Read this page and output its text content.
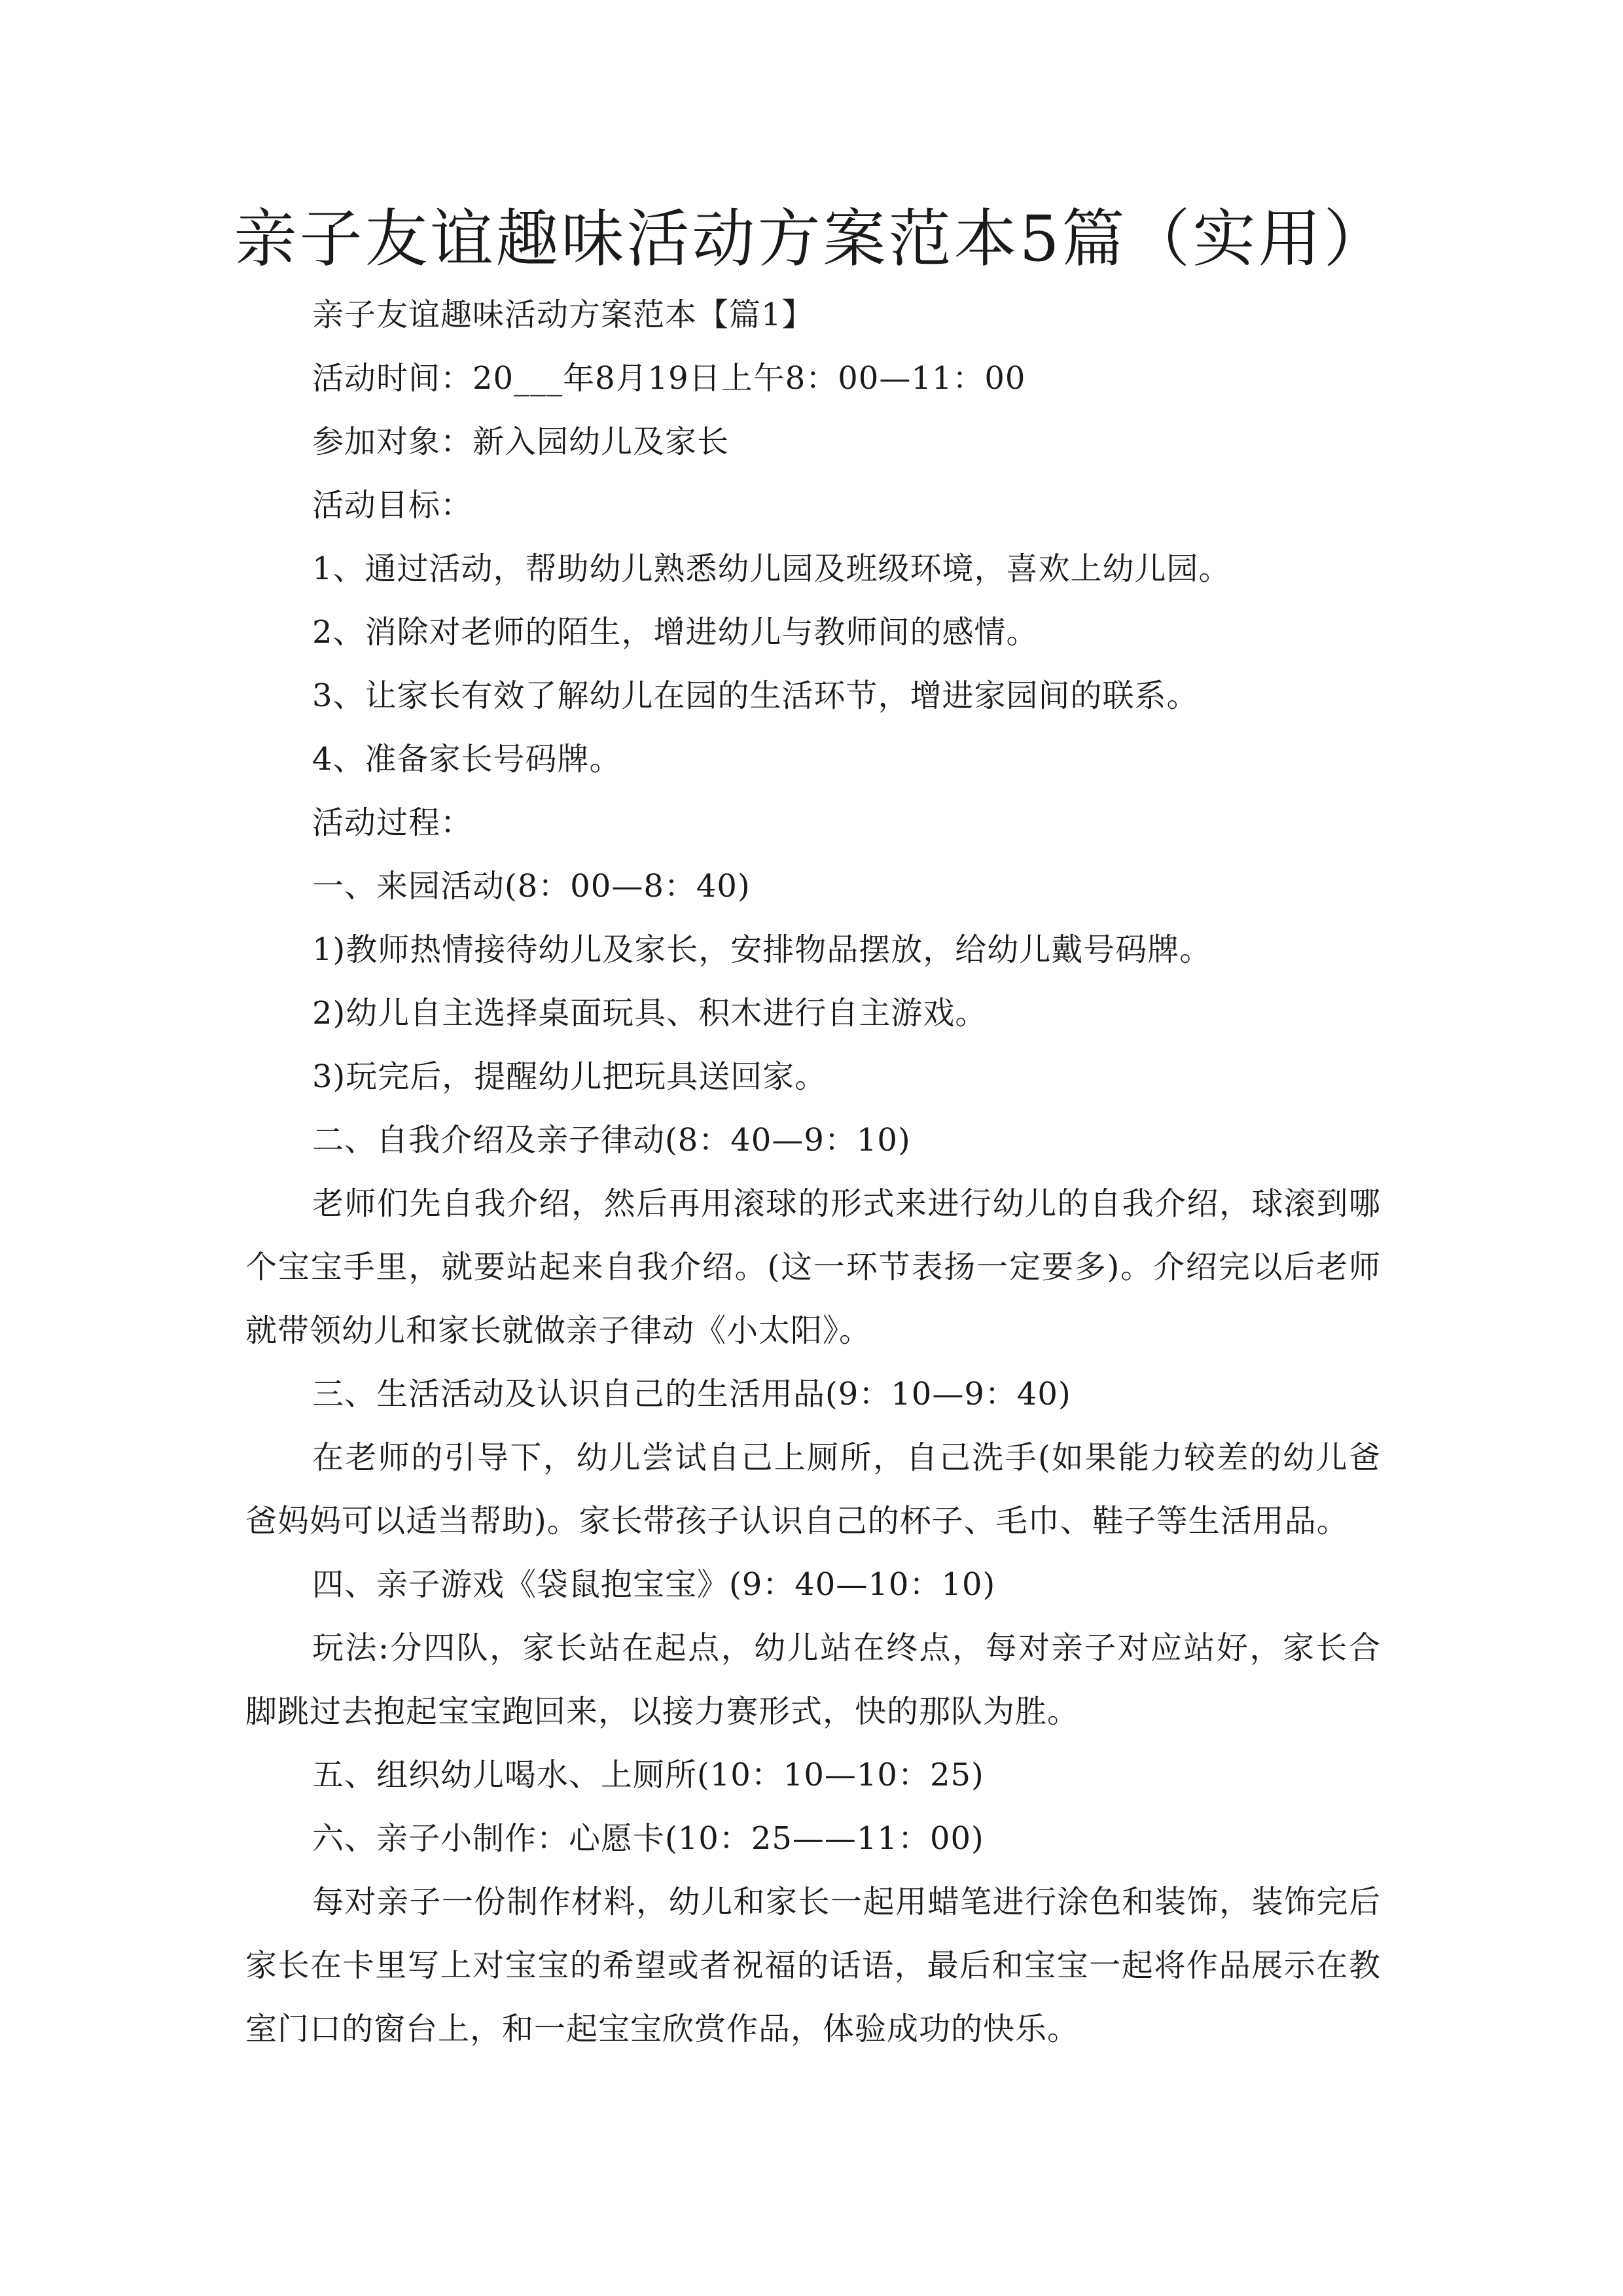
亲子友谊趣味活动方案范本5篇（实用）

亲子友谊趣味活动方案范本【篇1】

活动时间：20___年8月19日上午8：00—11：00

参加对象：新入园幼儿及家长

活动目标：

1、通过活动，帮助幼儿熟悉幼儿园及班级环境，喜欢上幼儿园。

2、消除对老师的陌生，增进幼儿与教师间的感情。

3、让家长有效了解幼儿在园的生活环节，增进家园间的联系。

4、准备家长号码牌。

活动过程：

一、来园活动(8：00—8：40)

1)教师热情接待幼儿及家长，安排物品摆放，给幼儿戴号码牌。

2)幼儿自主选择桌面玩具、积木进行自主游戏。

3)玩完后，提醒幼儿把玩具送回家。

二、自我介绍及亲子律动(8：40—9：10)

老师们先自我介绍，然后再用滚球的形式来进行幼儿的自我介绍，球滚到哪个宝宝手里，就要站起来自我介绍。(这一环节表扬一定要多)。介绍完以后老师就带领幼儿和家长就做亲子律动《小太阳》。

三、生活活动及认识自己的生活用品(9：10—9：40)

在老师的引导下，幼儿尝试自己上厕所，自己洗手(如果能力较差的幼儿爸爸妈妈可以适当帮助)。家长带孩子认识自己的杯子、毛巾、鞋子等生活用品。

四、亲子游戏《袋鼠抱宝宝》(9：40—10：10)

玩法:分四队，家长站在起点，幼儿站在终点，每对亲子对应站好，家长合脚跳过去抱起宝宝跑回来，以接力赛形式，快的那队为胜。

五、组织幼儿喝水、上厕所(10：10—10：25)

六、亲子小制作：心愿卡(10：25——11：00)

每对亲子一份制作材料，幼儿和家长一起用蜡笔进行涂色和装饰，装饰完后家长在卡里写上对宝宝的希望或者祝福的话语，最后和宝宝一起将作品展示在教室门口的窗台上，和一起宝宝欣赏作品，体验成功的快乐。
